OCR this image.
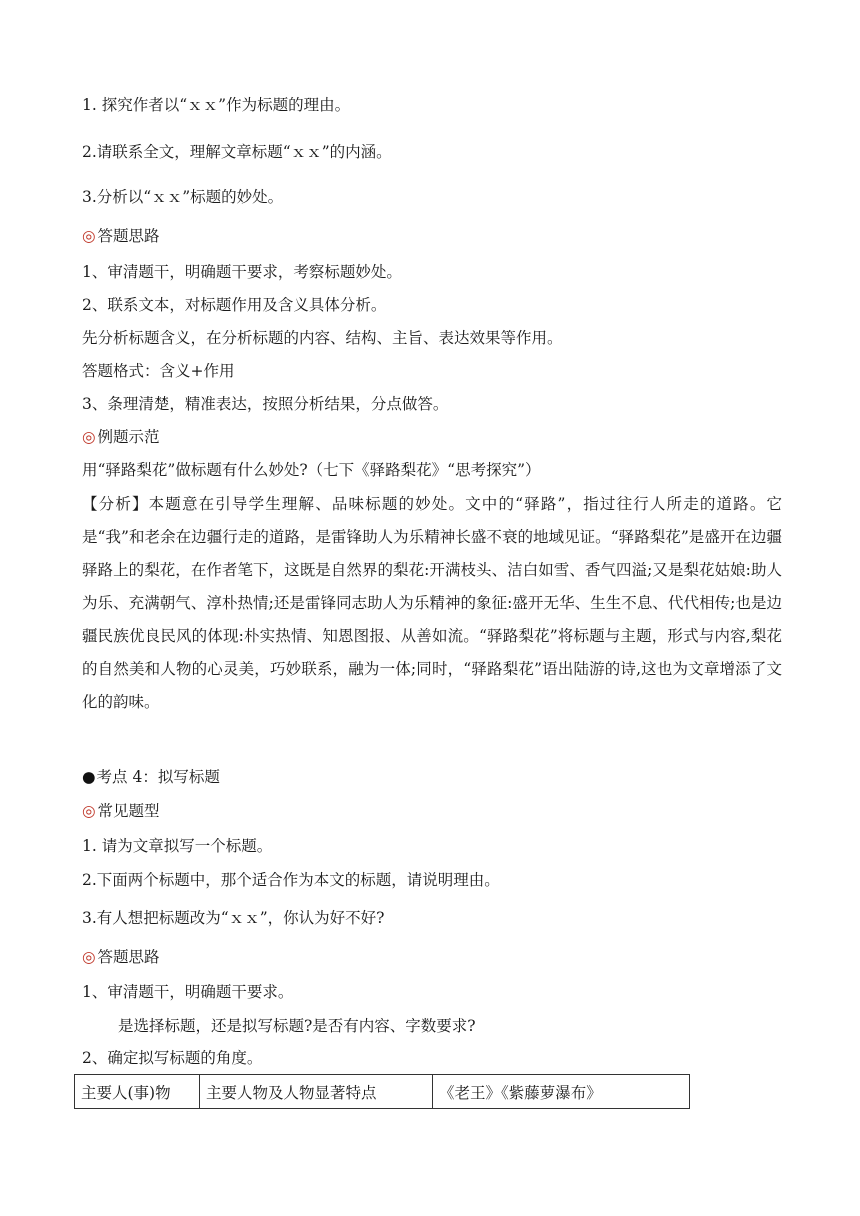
1. 探究作者以“ｘｘ”作为标题的理由。
2.请联系全文，理解文章标题“ｘｘ”的内涵。
3.分析以“ｘｘ”标题的妙处。
◎ 答题思路
1、审清题干，明确题干要求，考察标题妙处。
2、联系文本，对标题作用及含义具体分析。
先分析标题含义，在分析标题的内容、结构、主旨、表达效果等作用。
答题格式：含义+作用
3、条理清楚，精准表达，按照分析结果，分点做答。
◎ 例题示范
用“驿路梨花”做标题有什么妙处?（七下《驿路梨花》“思考探究”）
【分析】本题意在引导学生理解、品味标题的妙处。文中的“驿路”，指过往行人所走的道路。它是“我”和老余在边疆行走的道路，是雷锋助人为乐精神长盛不衰的地域见证。“驿路梨花”是盛开在边疆驿路上的梨花，在作者笔下，这既是自然界的梨花:开满枝头、洁白如雪、香气四溢;又是梨花姑娘:助人为乐、充满朝气、淳朴热情;还是雷锋同志助人为乐精神的象征:盛开无华、生生不息、代代相传;也是边疆民族优良民风的体现:朴实热情、知恩图报、从善如流。“驿路梨花”将标题与主题，形式与内容,梨花的自然美和人物的心灵美，巧妙联系，融为一体;同时，“驿路梨花”语出陆游的诗,这也为文章增添了文化的韵味。
●考点 4：拟写标题
◎ 常见题型
1. 请为文章拟写一个标题。
2.下面两个标题中，那个适合作为本文的标题，请说明理由。
3.有人想把标题改为“ｘｘ”，你认为好不好?
◎ 答题思路
1、审清题干，明确题干要求。
是选择标题，还是拟写标题?是否有内容、字数要求?
2、确定拟写标题的角度。
主要人(事)物	主要人物及人物显著特点	《老王》《紫藤萝瀑布》
